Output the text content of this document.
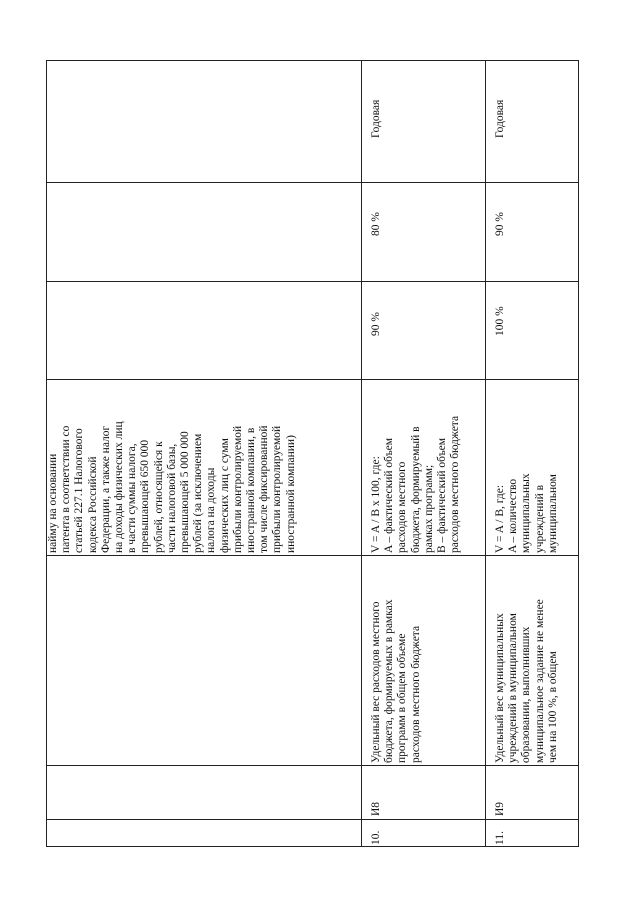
найму на основании патента в соответствии со статьей 227.1 Налогового кодекса Российской Федерации, а также налог на доходы физических лиц в части суммы налога, превышающей 650 000 рублей, относящейся к части налоговой базы, превышающей 5 000 000 рублей (за исключением налога на доходы физических лиц с сумм прибыли контролируемой иностранной компании, в том числе фиксированной прибыли контролируемой иностранной компании)
10.
И8
Удельный вес расходов местного бюджета, формируемых в рамках программ в общем объеме расходов местного бюджета
V = A / B x 100, где: A – фактический объем расходов местного бюджета, формируемый в рамках программ; B – фактический объем расходов местного бюджета
90 %
80 %
Годовая
11.
И9
Удельный вес муниципальных учреждений в муниципальном образовании, выполнивших муниципальное задание не менее чем на 100 %, в общем
V = A / B, где: A – количество муниципальных учреждений в муниципальном
100 %
90 %
Годовая
